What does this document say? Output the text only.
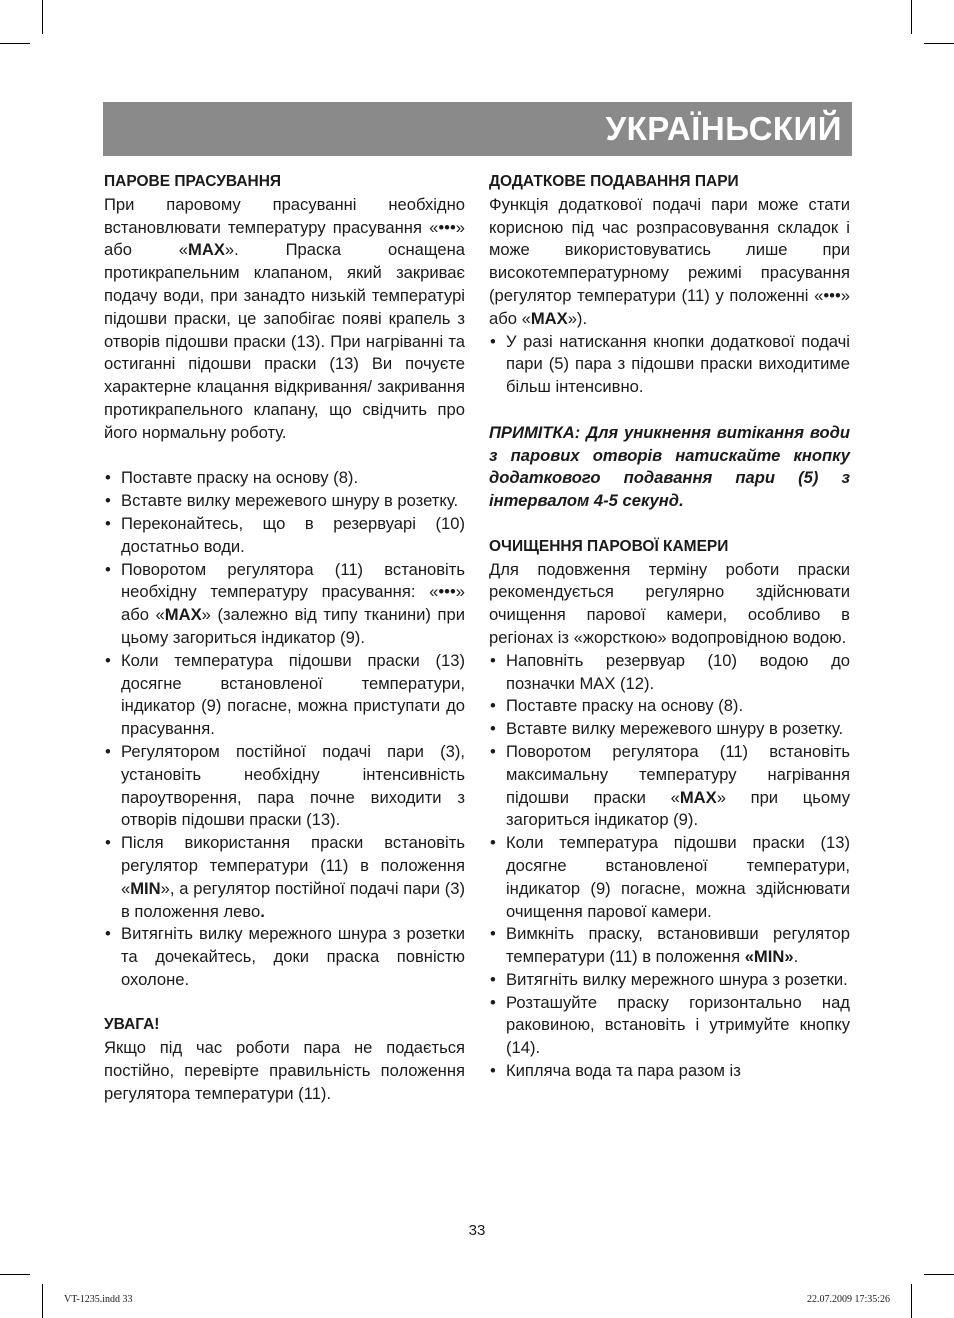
УКРАЇНЬСКИЙ
ПАРОВЕ ПРАСУВАННЯ

При паровому прасуванні необхідно встановлювати температуру прасування «•••» або «MAX». Праска оснащена протикрапельним клапаном, який закриває подачу води, при занадто низькій температурі підошви праски, це запобігає появі крапель з отворів підошви праски (13). При нагріванні та остиганні підошви праски (13) Ви почуєте характерне клацання відкривання/ закривання протикрапельного клапану, що свідчить про його нормальну роботу.

• Поставте праску на основу (8).
• Вставте вилку мережевого шнуру в розетку.
• Переконайтесь, що в резервуарі (10) достатньо води.
• Поворотом регулятора (11) встановіть необхідну температуру прасування: «•••» або «MAX» (залежно від типу тканини) при цьому загориться індикатор (9).
• Коли температура підошви праски (13) досягне встановленої температури, індикатор (9) погасне, можна приступати до прасування.
• Регулятором постійної подачі пари (3), установіть необхідну інтенсивність пароутворення, пара почне виходити з отворів підошви праски (13).
• Після використання праски встановіть регулятор температури (11) в положення «MIN», а регулятор постійної подачі пари (3) в положення лево.
• Витягніть вилку мережного шнура з розетки та дочекайтесь, доки праска повністю охолоне.
УВАГА!

Якщо під час роботи пара не подається постійно, перевірте правильність положення регулятора температури (11).

ДОДАТКОВЕ ПОДАВАННЯ ПАРИ

Функція додаткової подачі пари може стати корисною під час розпрасовування складок і може використовуватись лише при високотемпературному режимі прасування (регулятор температури (11) у положенні «•••» або «MAX»).

• У разі натискання кнопки додаткової подачі пари (5) пара з підошви праски виходитиме більш інтенсивно.

ПРИМІТКА: Для уникнення витікання води з парових отворів натискайте кнопку додаткового подавання пари (5) з інтервалом 4-5 секунд.

ОЧИЩЕННЯ ПАРОВОЇ КАМЕРИ

Для подовження терміну роботи праски рекомендується регулярно здійснювати очищення парової камери, особливо в регіонах із «жорсткою» водопровідною водою.

• Наповніть резервуар (10) водою до позначки MAX (12).
• Поставте праску на основу (8).
• Вставте вилку мережевого шнуру в розетку.
• Поворотом регулятора (11) встановіть максимальну температуру нагрівання підошви праски «MAX» при цьому загориться індикатор (9).
• Коли температура підошви праски (13) досягне встановленої температури, індикатор (9) погасне, можна здійснювати очищення парової камери.
• Вимкніть праску, встановивши регулятор температури (11) в положення «MIN».
• Витягніть вилку мережного шнура з розетки.
• Розташуйте праску горизонтально над раковиною, встановіть і утримуйте кнопку (14).
• Кипляча вода та пара разом із
33
VT-1235.indd 33	22.07.2009 17:35:26
